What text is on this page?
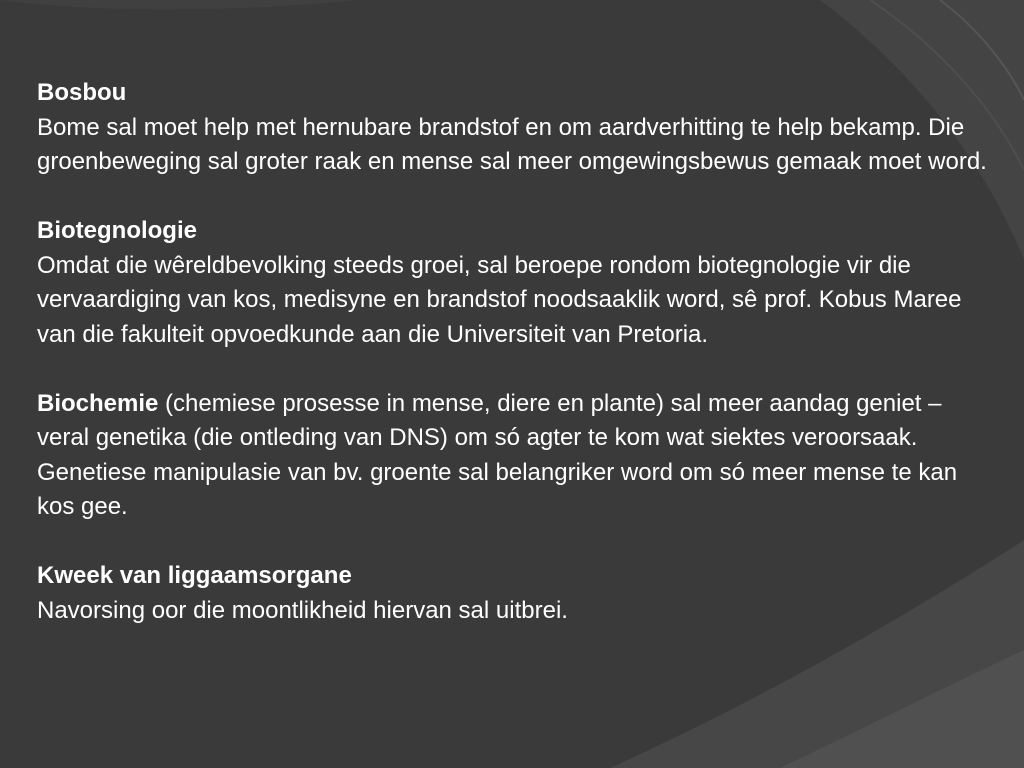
Bosbou
Bome sal moet help met hernubare brandstof en om aardverhitting te help bekamp. Die groenbeweging sal groter raak en mense sal meer omgewingsbewus gemaak moet word.
Biotegnologie
Omdat die wêreldbevolking steeds groei, sal beroepe rondom biotegnologie vir die vervaardiging van kos, medisyne en brandstof noodsaaklik word, sê prof. Kobus Maree van die fakulteit opvoedkunde aan die Universiteit van Pretoria.
Biochemie (chemiese prosesse in mense, diere en plante) sal meer aandag geniet – veral genetika (die ontleding van DNS) om só agter te kom wat siektes veroorsaak. Genetiese manipulasie van bv. groente sal belangriker word om só meer mense te kan kos gee.
Kweek van liggaamsorgane
Navorsing oor die moontlikheid hiervan sal uitbrei.
